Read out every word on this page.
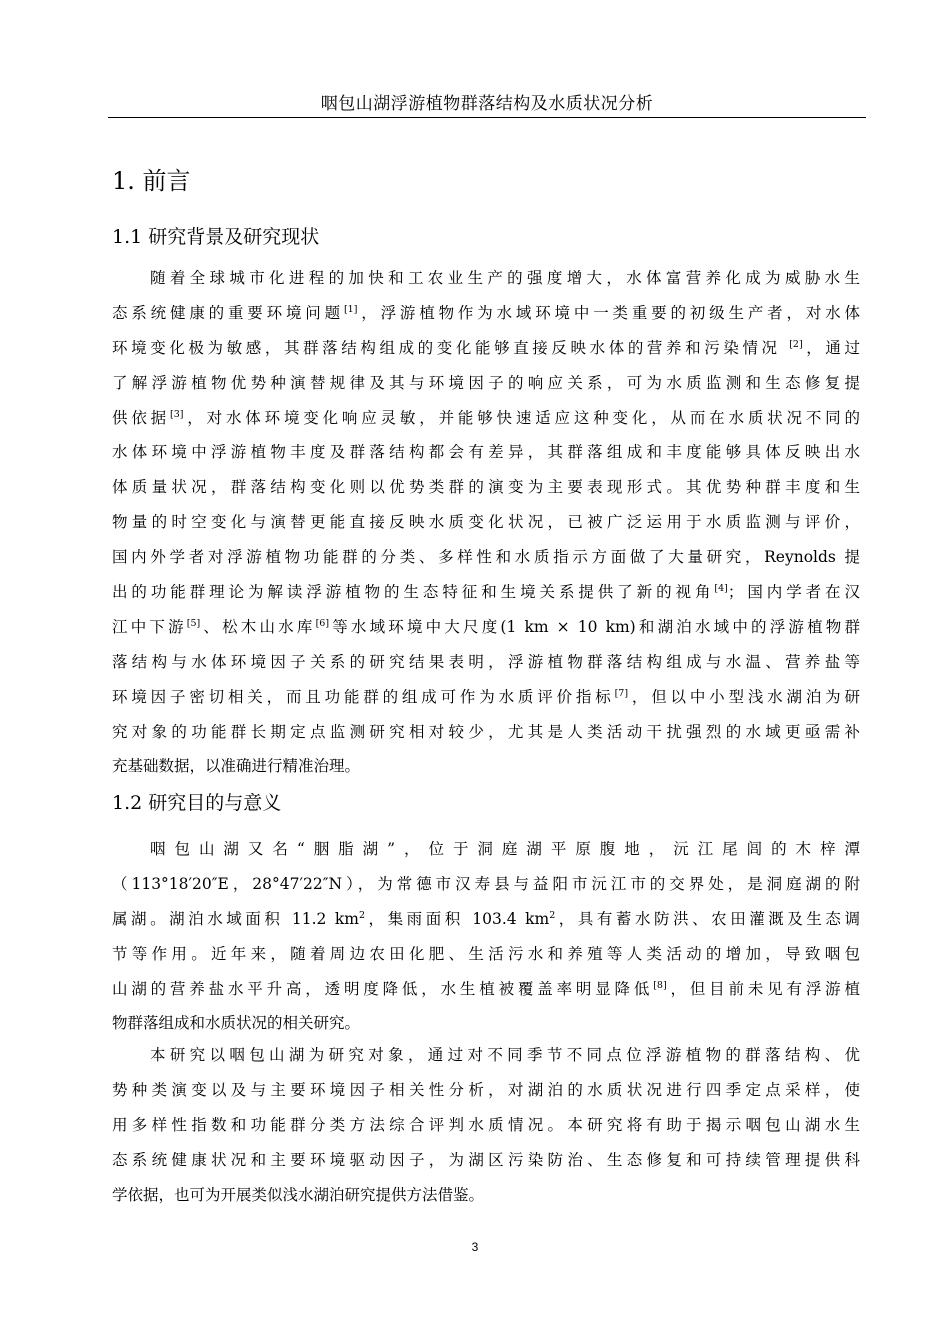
咽包山湖浮游植物群落结构及水质状况分析
1. 前言
1.1 研究背景及研究现状
随着全球城市化进程的加快和工农业生产的强度增大，水体富营养化成为威胁水生
态系统健康的重要环境问题[1]，浮游植物作为水域环境中一类重要的初级生产者，对水体
环境变化极为敏感，其群落结构组成的变化能够直接反映水体的营养和污染情况 [2]，通过
了解浮游植物优势种演替规律及其与环境因子的响应关系，可为水质监测和生态修复提
供依据[3]，对水体环境变化响应灵敏，并能够快速适应这种变化，从而在水质状况不同的
水体环境中浮游植物丰度及群落结构都会有差异，其群落组成和丰度能够具体反映出水
体质量状况，群落结构变化则以优势类群的演变为主要表现形式。其优势种群丰度和生
物量的时空变化与演替更能直接反映水质变化状况，已被广泛运用于水质监测与评价，
国内外学者对浮游植物功能群的分类、多样性和水质指示方面做了大量研究，Reynolds 提
出的功能群理论为解读浮游植物的生态特征和生境关系提供了新的视角[4]；国内学者在汉
江中下游[5]、松木山水库[6]等水域环境中大尺度(1 km × 10 km)和湖泊水域中的浮游植物群
落结构与水体环境因子关系的研究结果表明，浮游植物群落结构组成与水温、营养盐等
环境因子密切相关，而且功能群的组成可作为水质评价指标[7]，但以中小型浅水湖泊为研
究对象的功能群长期定点监测研究相对较少，尤其是人类活动干扰强烈的水域更亟需补
充基础数据，以准确进行精准治理。
1.2 研究目的与意义
咽包山湖又名“胭脂湖”，位于洞庭湖平原腹地，沅江尾闾的木梓潭
（113°18′20″E，28°47′22″N），为常德市汉寿县与益阳市沅江市的交界处，是洞庭湖的附
属湖。湖泊水域面积 11.2 $km^2$，集雨面积 103.4 $km^2$，具有蓄水防洪、农田灌溉及生态调
节等作用。近年来，随着周边农田化肥、生活污水和养殖等人类活动的增加，导致咽包
山湖的营养盐水平升高，透明度降低，水生植被覆盖率明显降低[8]，但目前未见有浮游植
物群落组成和水质状况的相关研究。
本研究以咽包山湖为研究对象，通过对不同季节不同点位浮游植物的群落结构、优
势种类演变以及与主要环境因子相关性分析，对湖泊的水质状况进行四季定点采样，使
用多样性指数和功能群分类方法综合评判水质情况。本研究将有助于揭示咽包山湖水生
态系统健康状况和主要环境驱动因子，为湖区污染防治、生态修复和可持续管理提供科
学依据，也可为开展类似浅水湖泊研究提供方法借鉴。
3
